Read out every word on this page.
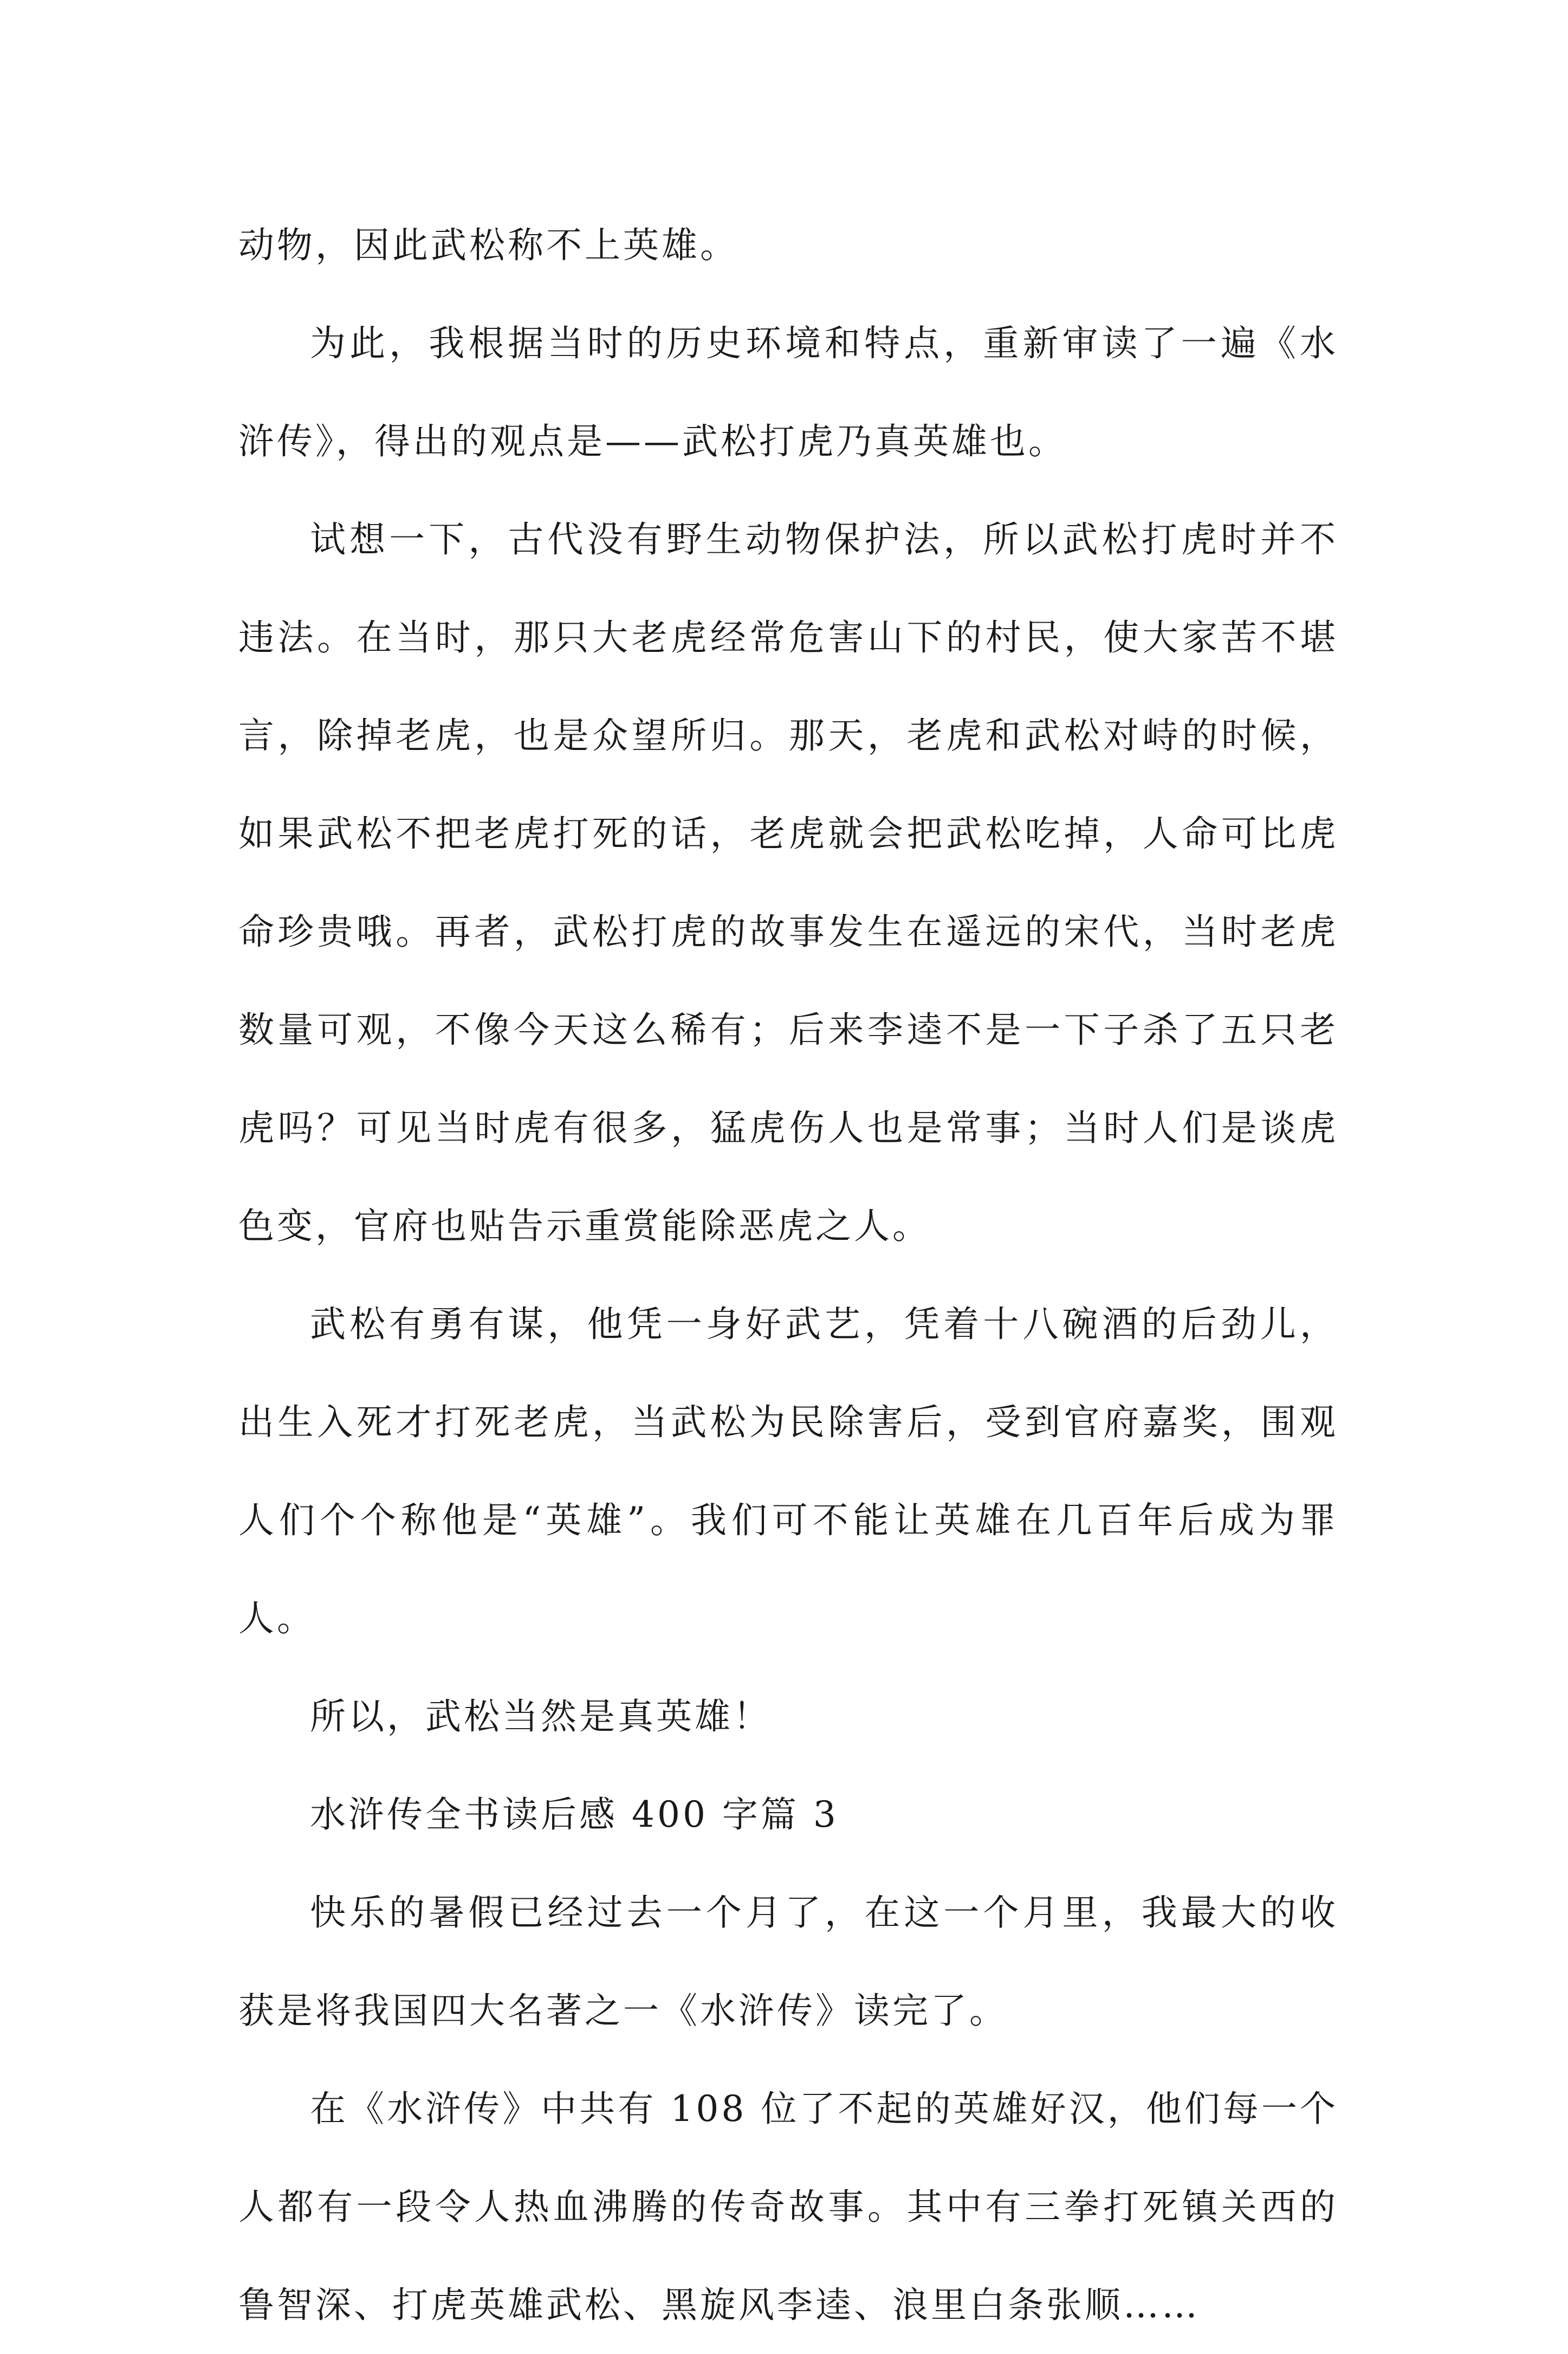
动物，因此武松称不上英雄。

为此，我根据当时的历史环境和特点，重新审读了一遍《水浒传》，得出的观点是——武松打虎乃真英雄也。

试想一下，古代没有野生动物保护法，所以武松打虎时并不违法。在当时，那只大老虎经常危害山下的村民，使大家苦不堪言，除掉老虎，也是众望所归。那天，老虎和武松对峙的时候，如果武松不把老虎打死的话，老虎就会把武松吃掉，人命可比虎命珍贵哦。再者，武松打虎的故事发生在遥远的宋代，当时老虎数量可观，不像今天这么稀有；后来李逵不是一下子杀了五只老虎吗？可见当时虎有很多，猛虎伤人也是常事；当时人们是谈虎色变，官府也贴告示重赏能除恶虎之人。

武松有勇有谋，他凭一身好武艺，凭着十八碗酒的后劲儿，出生入死才打死老虎，当武松为民除害后，受到官府嘉奖，围观人们个个称他是“英雄”。我们可不能让英雄在几百年后成为罪人。

所以，武松当然是真英雄！

水浒传全书读后感 400 字篇 3

快乐的暑假已经过去一个月了，在这一个月里，我最大的收获是将我国四大名著之一《水浒传》读完了。

在《水浒传》中共有 108 位了不起的英雄好汉，他们每一个人都有一段令人热血沸腾的传奇故事。其中有三拳打死镇关西的鲁智深、打虎英雄武松、黑旋风李逵、浪里白条张顺……
